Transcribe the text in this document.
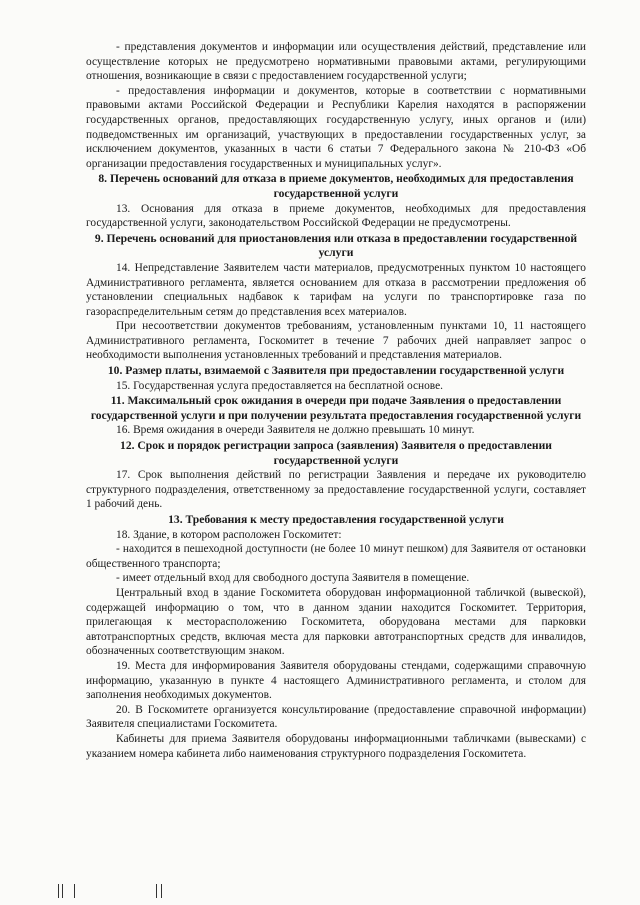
- представления документов и информации или осуществления действий, представление или осуществление которых не предусмотрено нормативными правовыми актами, регулирующими отношения, возникающие в связи с предоставлением государственной услуги;

- предоставления информации и документов, которые в соответствии с нормативными правовыми актами Российской Федерации и Республики Карелия находятся в распоряжении государственных органов, предоставляющих государственную услугу, иных органов и (или) подведомственных им организаций, участвующих в предоставлении государственных услуг, за исключением документов, указанных в части 6 статьи 7 Федерального закона № 210-ФЗ «Об организации предоставления государственных и муниципальных услуг».

8. Перечень оснований для отказа в приеме документов, необходимых для предоставления государственной услуги

13. Основания для отказа в приеме документов, необходимых для предоставления государственной услуги, законодательством Российской Федерации не предусмотрены.

9. Перечень оснований для приостановления или отказа в предоставлении государственной услуги

14. Непредставление Заявителем части материалов, предусмотренных пунктом 10 настоящего Административного регламента, является основанием для отказа в рассмотрении предложения об установлении специальных надбавок к тарифам на услуги по транспортировке газа по газораспределительным сетям до представления всех материалов.

При несоответствии документов требованиям, установленным пунктами 10, 11 настоящего Административного регламента, Госкомитет в течение 7 рабочих дней направляет запрос о необходимости выполнения установленных требований и представления материалов.

10. Размер платы, взимаемой с Заявителя при предоставлении государственной услуги

15. Государственная услуга предоставляется на бесплатной основе.

11. Максимальный срок ожидания в очереди при подаче Заявления о предоставлении государственной услуги и при получении результата предоставления государственной услуги

16. Время ожидания в очереди Заявителя не должно превышать 10 минут.

12. Срок и порядок регистрации запроса (заявления) Заявителя о предоставлении государственной услуги

17. Срок выполнения действий по регистрации Заявления и передаче их руководителю структурного подразделения, ответственному за предоставление государственной услуги, составляет 1 рабочий день.

13. Требования к месту предоставления государственной услуги

18. Здание, в котором расположен Госкомитет:

- находится в пешеходной доступности (не более 10 минут пешком) для Заявителя от остановки общественного транспорта;

- имеет отдельный вход для свободного доступа Заявителя в помещение.

Центральный вход в здание Госкомитета оборудован информационной табличкой (вывеской), содержащей информацию о том, что в данном здании находится Госкомитет. Территория, прилегающая к месторасположению Госкомитета, оборудована местами для парковки автотранспортных средств, включая места для парковки автотранспортных средств для инвалидов, обозначенных соответствующим знаком.

19. Места для информирования Заявителя оборудованы стендами, содержащими справочную информацию, указанную в пункте 4 настоящего Административного регламента, и столом для заполнения необходимых документов.

20. В Госкомитете организуется консультирование (предоставление справочной информации) Заявителя специалистами Госкомитета.

Кабинеты для приема Заявителя оборудованы информационными табличками (вывесками) с указанием номера кабинета либо наименования структурного подразделения Госкомитета.
